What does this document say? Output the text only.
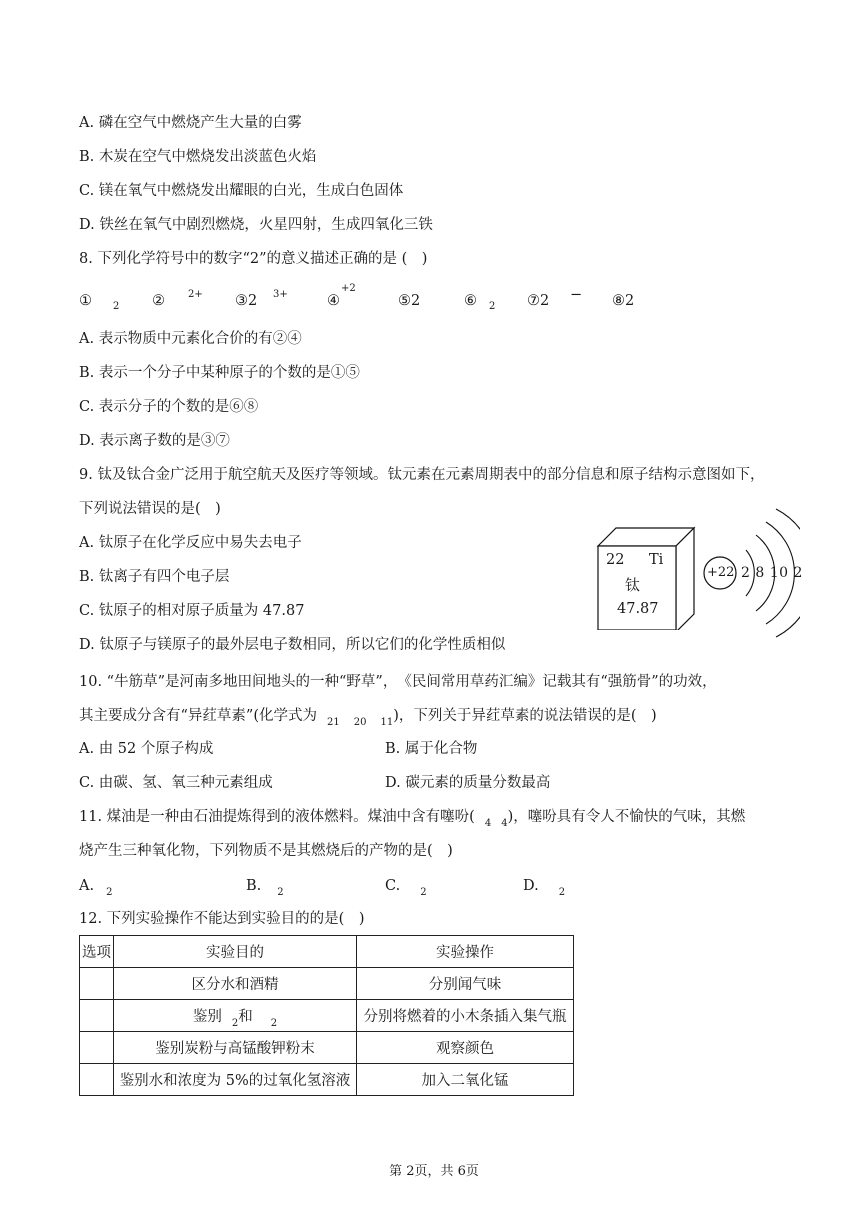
A. 磷在空气中燃烧产生大量的白雾
B. 木炭在空气中燃烧发出淡蓝色火焰
C. 镁在氧气中燃烧发出耀眼的白光，生成白色固体
D. 铁丝在氧气中剧烈燃烧，火星四射，生成四氧化三铁
8. 下列化学符号中的数字“2”的意义描述正确的是 (　)
① 2 ② 2+ ③2 3+	④
+2
⑤2	⑥ 2 ⑦2 − ⑧2
A. 表示物质中元素化合价的有②④
B. 表示一个分子中某种原子的个数的是①⑤
C. 表示分子的个数的是⑥⑧
D. 表示离子数的是③⑦
9. 钛及钛合金广泛用于航空航天及医疗等领域。钛元素在元素周期表中的部分信息和原子结构示意图如下，
下列说法错误的是(　)
A. 钛原子在化学反应中易失去电子
B. 钛离子有四个电子层
C. 钛原子的相对原子质量为 47.87
D. 钛原子与镁原子的最外层电子数相同，所以它们的化学性质相似
22 Ti
钛
47.87
+22 2 8 10 2
10. “牛筋草”是河南多地田间地头的一种“野草”，　《民间常用草药汇编》记载其有“强筋骨”的功效，
其主要成分含有“异荭草素”(化学式为 $_{21}$ $_{20}$ $_{11}$)，下列关于异荭草素的说法错误的是(　)
A. 由 52 个原子构成	B. 属于化合物
C. 由碳、氢、氧三种元素组成	D. 碳元素的质量分数最高
11. 煤油是一种由石油提炼得到的液体燃料。煤油中含有噻吩( $_4$ $_4$)，噻吩具有令人不愉快的气味，其燃
烧产生三种氧化物，下列物质不是其燃烧后的产物的是(　)
A. $_2$	B. $_2$	C. $_2$	D. $_2$
12. 下列实验操作不能达到实验目的的是(　)
选项	实验目的	实验操作
	区分水和酒精	分别闻气味
	鉴别 $_2$和 $_2$	分别将燃着的小木条插入集气瓶
	鉴别炭粉与高锰酸钾粉末	观察颜色
	鉴别水和浓度为 5%的过氧化氢溶液	加入二氧化锰
第 2页，共 6页
